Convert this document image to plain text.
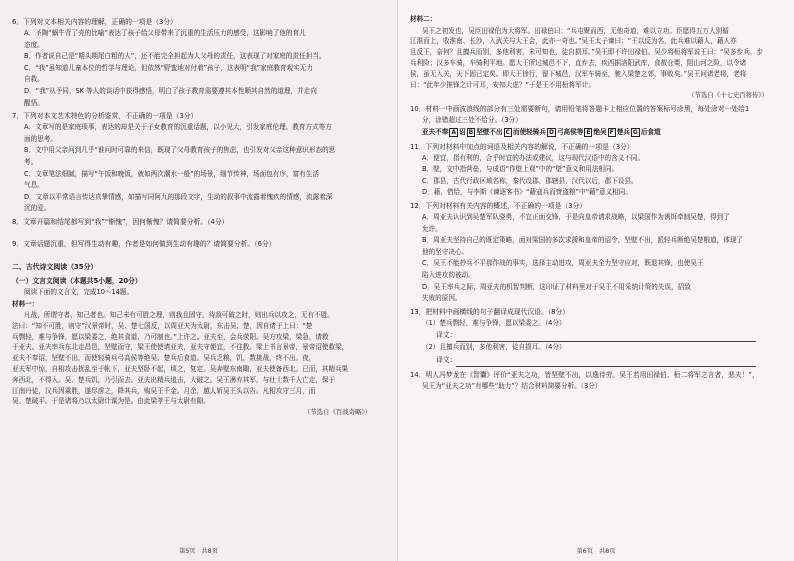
6．下列对文本相关内容的理解，正确的一项是（3分）

A．圣陶“蜗牛背了壳的比喻”表达了孩子给父母带来了沉重的生活压力的感受，这影响了他的育儿

态度。

B．作者说自己是“期头期尾白粗的人”，还不能完全担起为人父母的责任，这表现了对家庭的责任担当。

C．“我”虽知道儿童本位的哲学与理论，但依然“野蛮地对付着”孩子，这表明“我”家庭教育观实无力

自救。

D．“我”从予同、SK 等人的谈话中获得感悟，明白了孩子教育需要遵其本性顺其自然的道理，并走向

醒悟。

7．下列对本文艺术特色的分析鉴赏，不正确的一项是（3分）

A．文章写的是家庭琐事，表达的却是关于子女教育的沉重话题，以小见大，引发家庭伦理、教育方式等方

面的思考。

B．文中用父亲问到几乎“谁问时可靠的来信，既现了父母教育孩子的焦虑，也引发对父亲这种意识形态的思

考。

C．文章笔法细腻，描写“午饭和晚饭，就如两次潮水一般”的场景，细节传神，场面包有序，富有生活

气息。

D．文章以平常语言传达真挚情感，如描写同阿九的那段文字，生动的叙事中流露着愧疚的情感，流露着深

沉的爱。

8．文章开篇和结尾都写到“我”“惭愧”，因何惭愧？请简要分析。（4分）

9．文章话题沉重，但写得生动有趣，作者是如何做到生动有趣的？请简要分析。（6分）

二、古代诗文阅读（35分）

（一）文言文阅读（本题共5小题，20分）

阅读下面的文言文，完成10～14题。

材料一：

凡战，所谓守者，知己者也。知己未有可胜之理，则我且固守，待敌可破之时，则出兵以攻之，无有不胜。

法曰：“知不可胜，则守”汉景帝时，吴、楚七国反，以周亚夫为太尉，东击吴、楚，因自请于上曰：“楚

兵剽轻，难与争锋，愿以梁委之，绝其食道，乃可制也。”上许之。亚夫至，会兵荥阳。吴方攻梁，梁急，请救

于亚夫。亚夫率兵东北走昌邑，坚壁而守，梁王使使请亚夫，亚夫守便宜，不往救。梁上书言景帝，景帝诏使救梁，

亚夫不奉诏，坚壁不出，而使轻骑兵弓高侯等绝吴、楚兵后食道。吴兵乏粮，饥，数挑战，终不出。夜，

亚夫军中惊，自相攻击扰乱至于帐下，亚夫坚卧不起，顷之，复定。吴奔壁东南陬，亚夫使备西北。已而，其精兵果

奔西北，不得入。吴、楚兵饥，乃引而去。亚夫出精兵追击，大破之。吴王濞弃其军，与壮士数千人亡走，保于

江南丹徒，汉兵因乘胜，遂尽虏之，降其兵，购吴王千金。月余，越人斩吴王头以告。凡相攻守三月，而

吴、楚破平。于是诸将乃以太尉计谋为是。由此梁孝王与太尉有隙。

（节选自《百战奇略》）

第5页　共8页

材料二：

吴王之初发也，吴臣田禄伯为大将军。田禄伯曰：“兵屯聚而西，无他奇道，难以立功。臣愿得五万人别循

江淮而上，收淮南、长沙，入武关与大王会，此亦一奇也。”吴王太子谏曰：“王以反为名，此兵难以藉人，藉人亦

且反王，奈何？且擅兵而别，多他利害，未可知也，徒自损耳。”吴王即不许田禄伯。吴少将桓将军说王曰：“吴多步兵，步

兵利险；汉多车骑，车骑利平地。愿大王所过城邑不下，直弃去，疾西据洛阳武库，食敖仓粟，阻山河之险，以令诸

侯，虽无入关，天下固已定矣。即大王徐行，留下城邑，汉军车骑至，驰入梁楚之郊，事败矣。”吴王问诸老将，老将

曰：“此年少推锋之计可耳，安知大虑？”于是王不用桓将军计。

（节选自《十七史百将传》）

10．材料一中画波浪线的部分有三处需要断句，请用铅笔将答题卡上相应位置的答案标号涂黑，每处涂对一处给1

分，涂错超过三处不给分。（3分）

亚夫不奉 A 诏 B 坚壁不出 C 而使轻骑兵 D 弓高侯等 E 绝吴 F 楚兵 G 后食道

11．下列对材料中加点的词语及相关内容的解说，不正确的一项是（3分）

A．便宜，指有利的，合乎时宜的办法或建议，这与现代汉语中的含义不同。

B．壁，文中指营垒，与成语“作壁上观”中的“壁”意义和用法相同。

C．郡县，古代行政区域名称，秦代设郡，郡辖县，汉代以后，郡下设县。

D．藉，借给，与李斯《谏逐客书》“藉寇兵而赍盗粮”中“藉”意义相同。

12．下列对材料有关内容的概述，不正确的一项是（3分）

A．周亚夫认识到吴楚军队骁勇，不宜正面交锋，于是向皇帝请求战略，以梁国作为诱饵牵制吴楚，得到了

允许。

B．周亚夫坚持自己的既定策略，面对梁国的多次求援和皇帝的诏令，坚壁不出，派轻兵断绝吴楚粮道，体现了

他的坚守决心。

C．吴王不能抄兵不平那作战的事实，选择主动进攻，周亚夫全力坚守应对，既退其锋，也使吴王

陷入进攻的被动。

D．吴王率兵之际，周亚夫的机智判断，这印证了材料里对于吴王不用采纳计策的失误，招致

失败的原因。

13．把材料中画横线的句子翻译成现代汉语。（8分）

（1）楚兵剽轻，难与争锋，愿以梁委之。（4分）

译文：

（2）且擅兵而别，多他利害，徒自损耳。（4分）

译文：

14．明人冯梦龙在《智囊》评价“亚夫之功，皆坚壁不出，以逸待劳。吴王若用田禄伯、桓二将军之言者，悲夫！”，

吴王为“亚夫之功”有哪些“助力”？结合材料简要分析。（3分）

第6页　共8页
